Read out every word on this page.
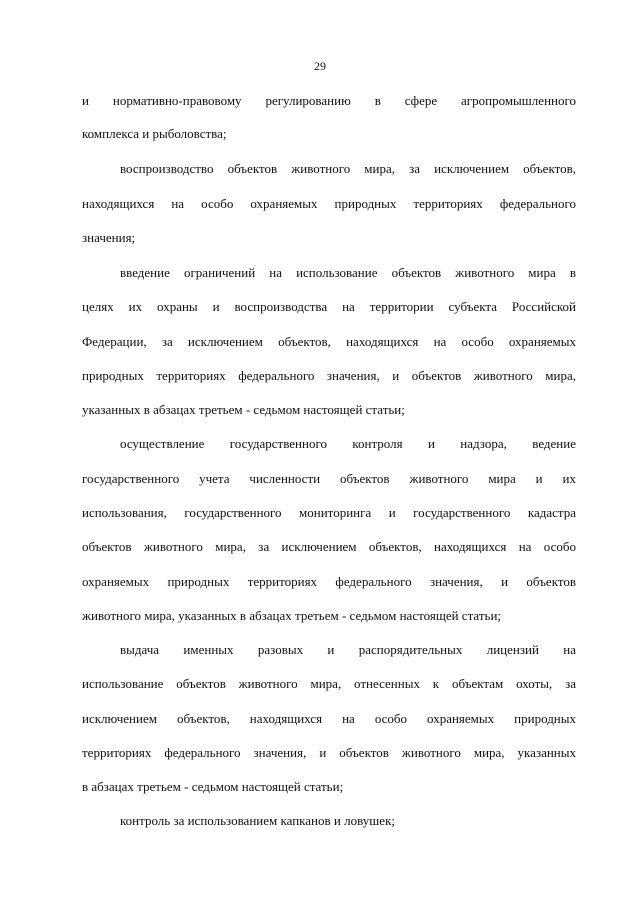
29
и нормативно-правовому регулированию в сфере агропромышленного
комплекса и рыболовства;
воспроизводство объектов животного мира, за исключением объектов,
находящихся на особо охраняемых природных территориях федерального
значения;
введение ограничений на использование объектов животного мира в
целях их охраны и воспроизводства на территории субъекта Российской
Федерации, за исключением объектов, находящихся на особо охраняемых
природных территориях федерального значения, и объектов животного мира,
указанных в абзацах третьем - седьмом настоящей статьи;
осуществление государственного контроля и надзора, ведение
государственного учета численности объектов животного мира и их
использования, государственного мониторинга и государственного кадастра
объектов животного мира, за исключением объектов, находящихся на особо
охраняемых природных территориях федерального значения, и объектов
животного мира, указанных в абзацах третьем - седьмом настоящей статьи;
выдача именных разовых и распорядительных лицензий на
использование объектов животного мира, отнесенных к объектам охоты, за
исключением объектов, находящихся на особо охраняемых природных
территориях федерального значения, и объектов животного мира, указанных
в абзацах третьем - седьмом настоящей статьи;
контроль за использованием капканов и ловушек;
